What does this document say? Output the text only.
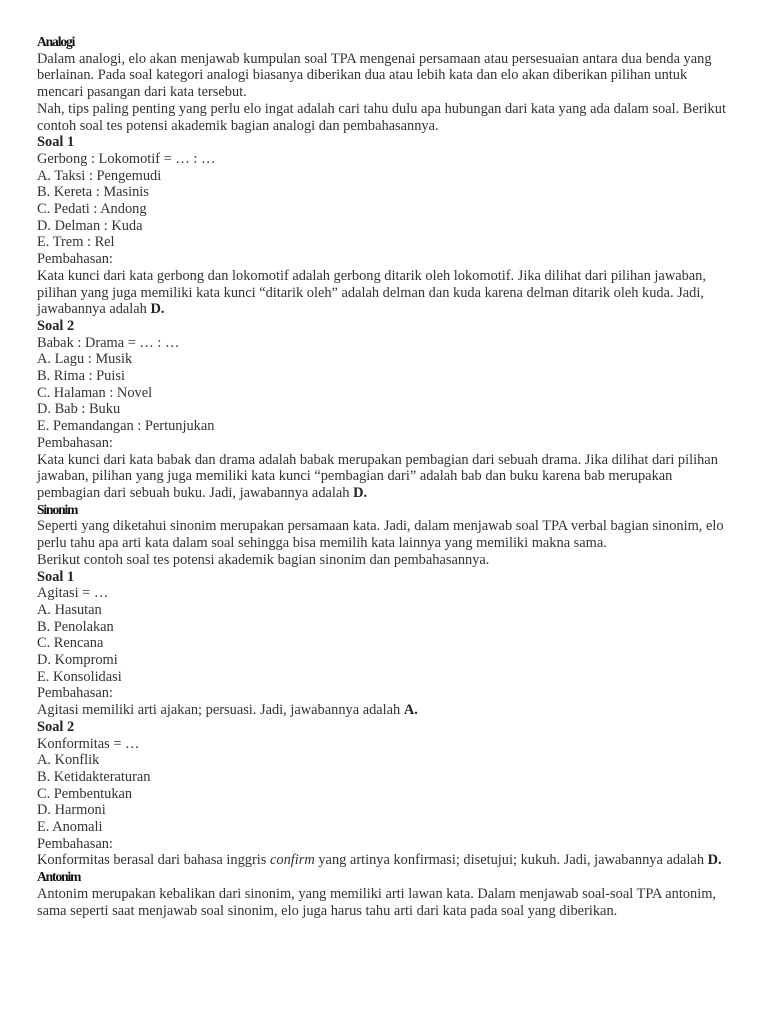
Analogi

Dalam analogi, elo akan menjawab kumpulan soal TPA mengenai persamaan atau persesuaian antara dua benda yang berlainan. Pada soal kategori analogi biasanya diberikan dua atau lebih kata dan elo akan diberikan pilihan untuk mencari pasangan dari kata tersebut.

Nah, tips paling penting yang perlu elo ingat adalah cari tahu dulu apa hubungan dari kata yang ada dalam soal. Berikut contoh soal tes potensi akademik bagian analogi dan pembahasannya.

Soal 1

Gerbong : Lokomotif = … : …

A. Taksi : Pengemudi

B. Kereta : Masinis

C. Pedati : Andong

D. Delman : Kuda

E. Trem : Rel

Pembahasan:

Kata kunci dari kata gerbong dan lokomotif adalah gerbong ditarik oleh lokomotif. Jika dilihat dari pilihan jawaban, pilihan yang juga memiliki kata kunci “ditarik oleh” adalah delman dan kuda karena delman ditarik oleh kuda. Jadi, jawabannya adalah D.

Soal 2

Babak : Drama = … : …

A. Lagu : Musik

B. Rima : Puisi

C. Halaman : Novel

D. Bab : Buku

E. Pemandangan : Pertunjukan

Pembahasan:

Kata kunci dari kata babak dan drama adalah babak merupakan pembagian dari sebuah drama. Jika dilihat dari pilihan jawaban, pilihan yang juga memiliki kata kunci “pembagian dari” adalah bab dan buku karena bab merupakan pembagian dari sebuah buku. Jadi, jawabannya adalah D.

Sinonim

Seperti yang diketahui sinonim merupakan persamaan kata. Jadi, dalam menjawab soal TPA verbal bagian sinonim, elo perlu tahu apa arti kata dalam soal sehingga bisa memilih kata lainnya yang memiliki makna sama.

Berikut contoh soal tes potensi akademik bagian sinonim dan pembahasannya.

Soal 1

Agitasi = …

A. Hasutan

B. Penolakan

C. Rencana

D. Kompromi

E. Konsolidasi

Pembahasan:

Agitasi memiliki arti ajakan; persuasi. Jadi, jawabannya adalah A.

Soal 2

Konformitas = …

A. Konflik

B. Ketidakteraturan

C. Pembentukan

D. Harmoni

E. Anomali

Pembahasan:

Konformitas berasal dari bahasa inggris confirm yang artinya konfirmasi; disetujui; kukuh. Jadi, jawabannya adalah D.

Antonim

Antonim merupakan kebalikan dari sinonim, yang memiliki arti lawan kata. Dalam menjawab soal-soal TPA antonim, sama seperti saat menjawab soal sinonim, elo juga harus tahu arti dari kata pada soal yang diberikan.
